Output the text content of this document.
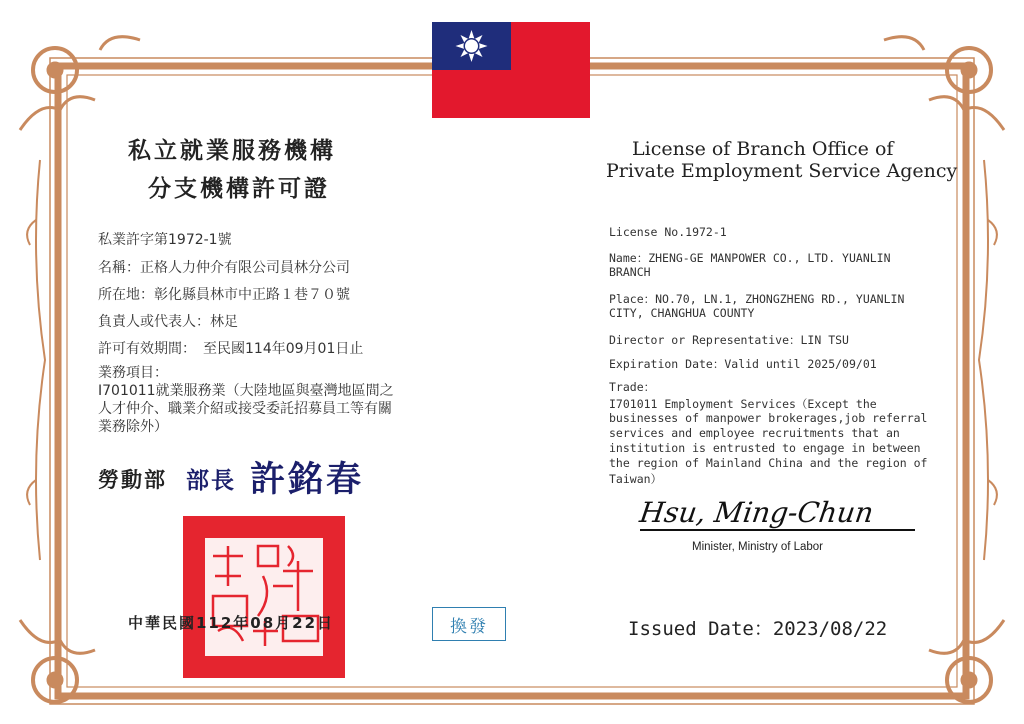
私立就業服務機構
分支機構許可證
私業許字第1972-1號
名稱：正格人力仲介有限公司員林分公司
所在地：彰化縣員林市中正路１巷７０號
負責人或代表人：林足
許可有效期間：　至民國114年09月01日止
業務項目：
I701011就業服務業（大陸地區與臺灣地區間之
人才仲介、職業介紹或接受委託招募員工等有關
業務除外）
勞動部 部長 許銘春
中華民國112年08月22日	換發
License of Branch Office of
Private Employment Service Agency
License No.1972-1
Name：ZHENG-GE MANPOWER CO., LTD. YUANLIN
BRANCH
Place：NO.70, LN.1, ZHONGZHENG RD., YUANLIN
CITY, CHANGHUA COUNTY
Director or Representative：LIN TSU
Expiration Date：Valid until 2025/09/01
Trade：
I701011 Employment Services（Except the
businesses of manpower brokerages,job referral
services and employee recruitments that an
institution is entrusted to engage in between
the region of Mainland China and the region of
Taiwan）
Hsu, Ming-Chun
Minister, Ministry of Labor
Issued Date：2023/08/22
